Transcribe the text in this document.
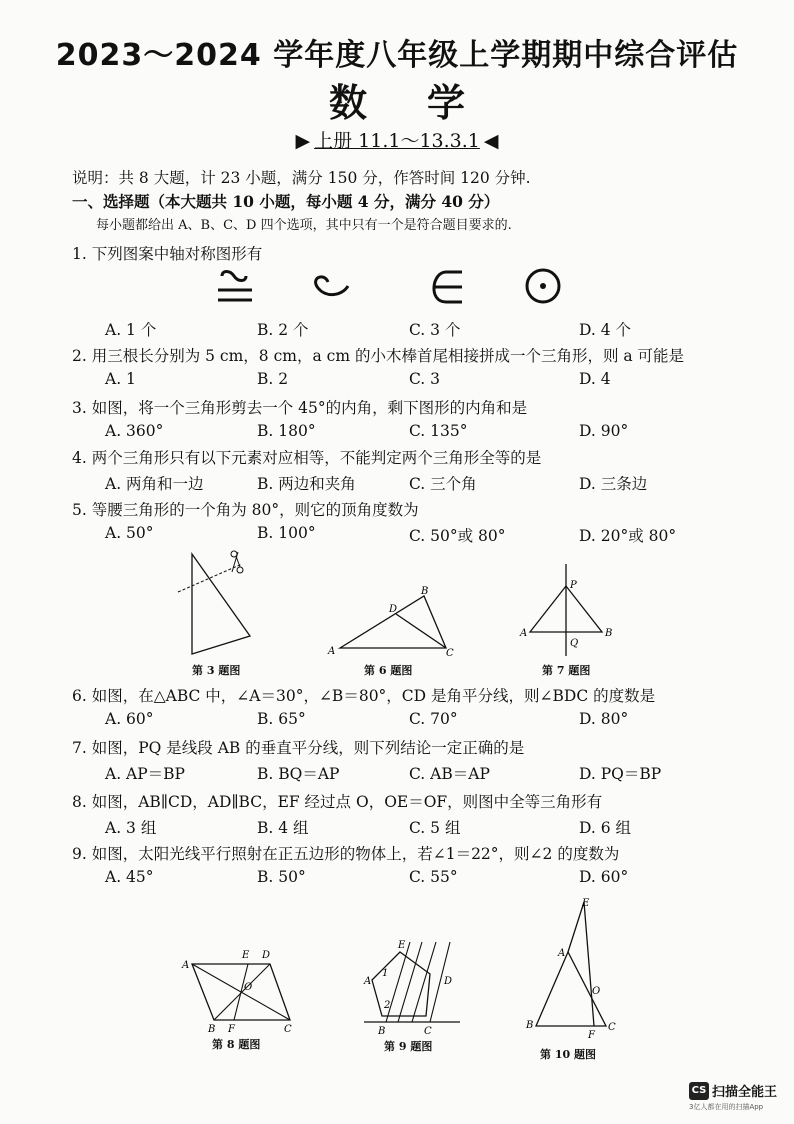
2023～2024 学年度八年级上学期期中综合评估
数学
▶ 上册 11.1～13.3.1 ◀
说明：共 8 大题，计 23 小题，满分 150 分，作答时间 120 分钟.
一、选择题（本大题共 10 小题，每小题 4 分，满分 40 分）
每小题都给出 A、B、C、D 四个选项，其中只有一个是符合题目要求的.
1. 下列图案中轴对称图形有
A. 1 个	B. 2 个	C. 3 个	D. 4 个
2. 用三根长分别为 5 cm，8 cm，a cm 的小木棒首尾相接拼成一个三角形，则 a 可能是
A. 1	B. 2	C. 3	D. 4
3. 如图，将一个三角形剪去一个 45°的内角，剩下图形的内角和是
A. 360°	B. 180°	C. 135°	D. 90°
4. 两个三角形只有以下元素对应相等，不能判定两个三角形全等的是
A. 两角和一边	B. 两边和夹角	C. 三个角	D. 三条边
5. 等腰三角形的一个角为 80°，则它的顶角度数为
A. 50°	B. 100°	C. 50°或 80°	D. 20°或 80°
第 3 题图
A
B
C
D
第 6 题图
P
A	B
Q
第 7 题图
6. 如图，在△ABC 中，∠A＝30°，∠B＝80°，CD 是角平分线，则∠BDC 的度数是
A. 60°	B. 65°	C. 70°	D. 80°
7. 如图，PQ 是线段 AB 的垂直平分线，则下列结论一定正确的是
A. AP＝BP	B. BQ＝AP	C. AB＝AP	D. PQ＝BP
8. 如图，AB∥CD，AD∥BC，EF 经过点 O，OE＝OF，则图中全等三角形有
A. 3 组	B. 4 组	C. 5 组	D. 6 组
9. 如图，太阳光线平行照射在正五边形的物体上，若∠1＝22°，则∠2 的度数为
A. 45°	B. 50°	C. 55°	D. 60°
A
E D
O
B F	C
第 8 题图
E
A	D
1
2
B	C
第 9 题图
E
A
O
B
F
C
第 10 题图
CS 扫描全能王
3亿人都在用的扫描App
